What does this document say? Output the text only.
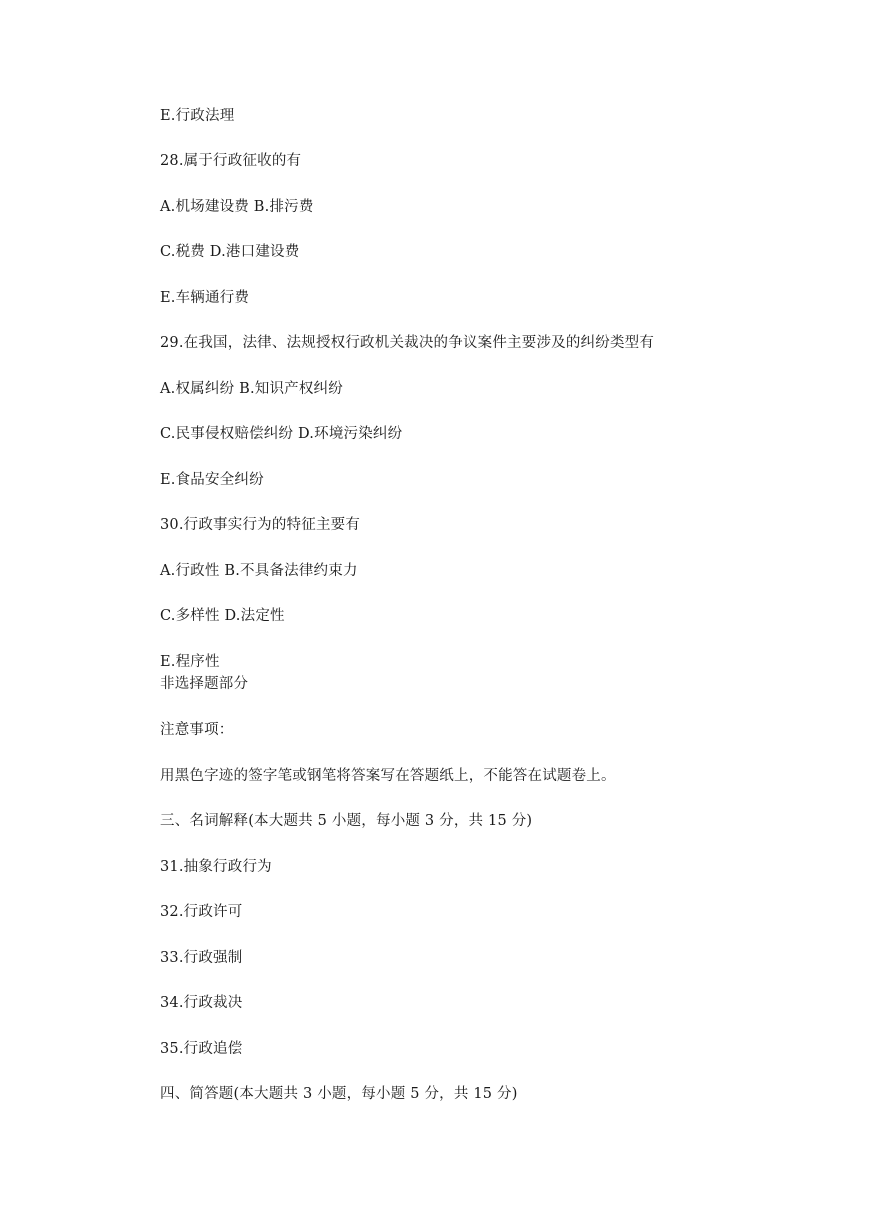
E.行政法理
28.属于行政征收的有
A.机场建设费 B.排污费
C.税费 D.港口建设费
E.车辆通行费
29.在我国，法律、法规授权行政机关裁决的争议案件主要涉及的纠纷类型有
A.权属纠纷 B.知识产权纠纷
C.民事侵权赔偿纠纷 D.环境污染纠纷
E.食品安全纠纷
30.行政事实行为的特征主要有
A.行政性 B.不具备法律约束力
C.多样性 D.法定性
E.程序性
非选择题部分
注意事项：
用黑色字迹的签字笔或钢笔将答案写在答题纸上，不能答在试题卷上。
三、名词解释(本大题共 5 小题，每小题 3 分，共 15 分)
31.抽象行政行为
32.行政许可
33.行政强制
34.行政裁决
35.行政追偿
四、简答题(本大题共 3 小题，每小题 5 分，共 15 分)
